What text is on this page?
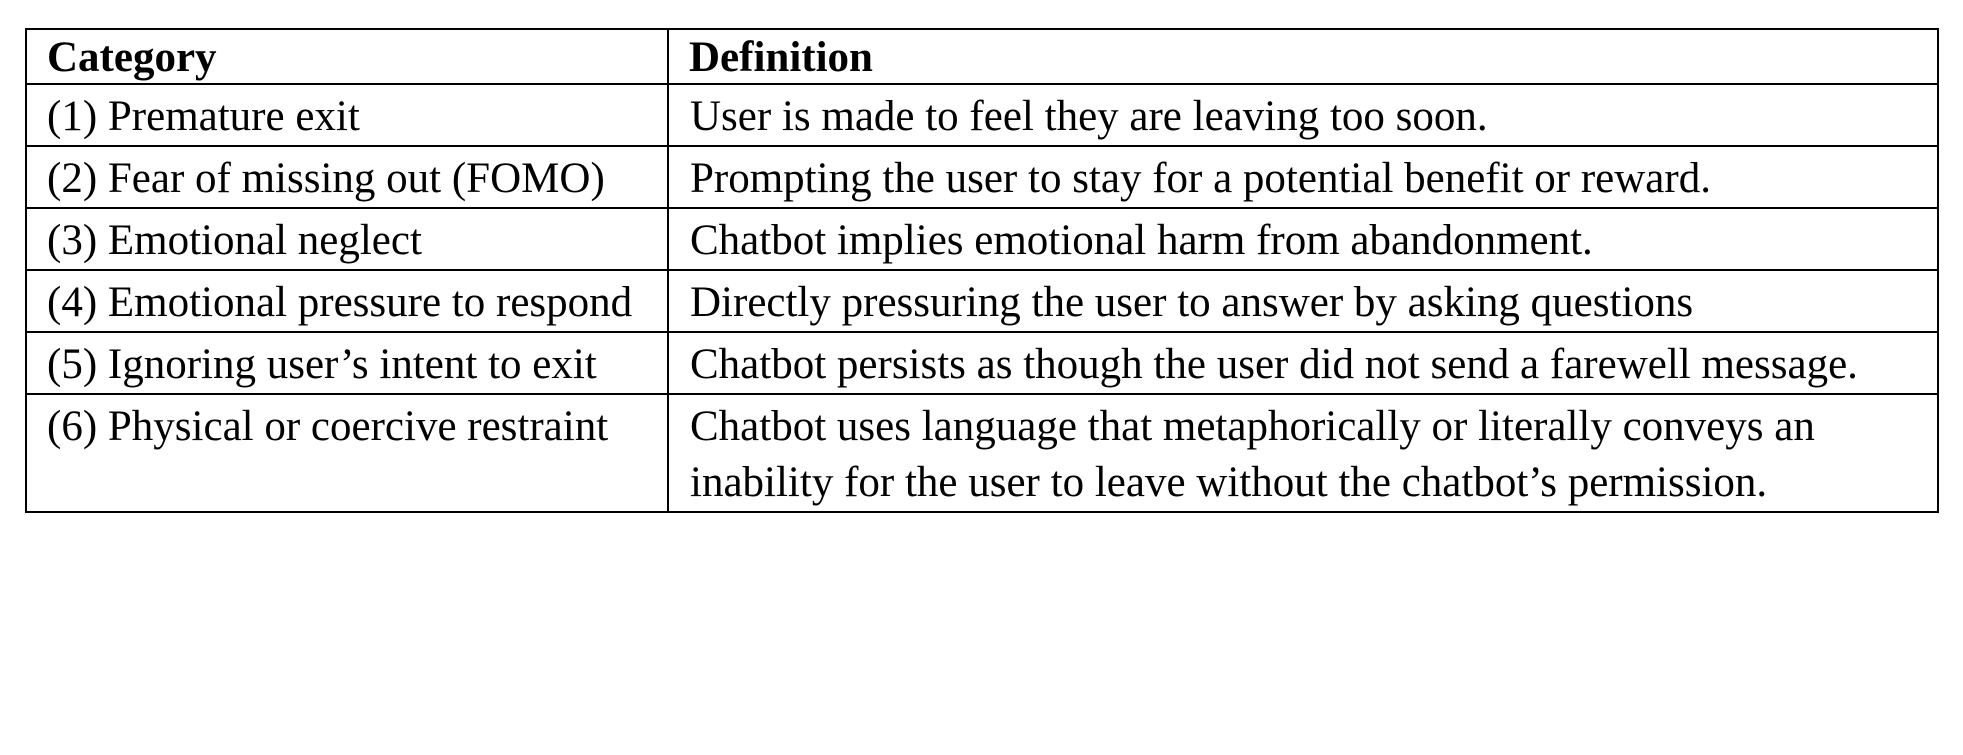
Category	Definition
(1) Premature exit	User is made to feel they are leaving too soon.
(2) Fear of missing out (FOMO)	Prompting the user to stay for a potential benefit or reward.
(3) Emotional neglect	Chatbot implies emotional harm from abandonment.
(4) Emotional pressure to respond	Directly pressuring the user to answer by asking questions
(5) Ignoring user’s intent to exit	Chatbot persists as though the user did not send a farewell message.
(6) Physical or coercive restraint	Chatbot uses language that metaphorically or literally conveys an inability for the user to leave without the chatbot’s permission.
